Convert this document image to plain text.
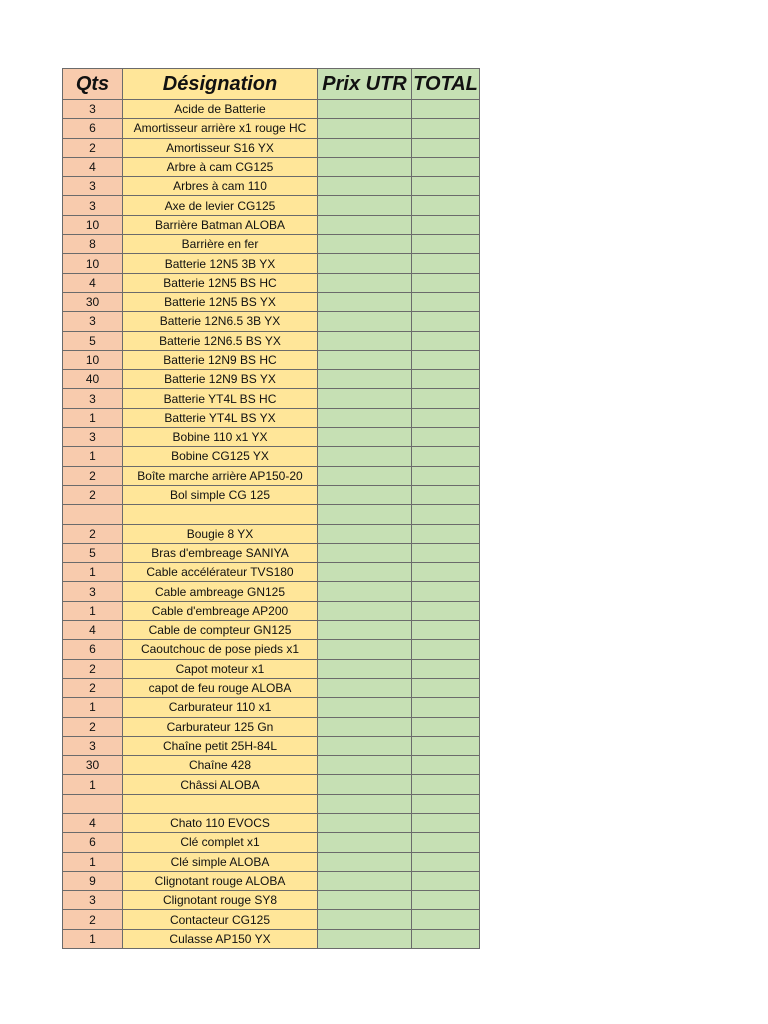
Qts	Désignation	Prix UTR	TOTAL
3	Acide de Batterie		
6	Amortisseur arrière x1 rouge HC		
2	Amortisseur S16 YX		
4	Arbre à cam CG125		
3	Arbres à cam 110		
3	Axe de levier CG125		
10	Barrière Batman ALOBA		
8	Barrière en fer		
10	Batterie 12N5 3B YX		
4	Batterie 12N5 BS HC		
30	Batterie 12N5 BS YX		
3	Batterie 12N6.5 3B YX		
5	Batterie 12N6.5 BS YX		
10	Batterie 12N9 BS HC		
40	Batterie 12N9 BS YX		
3	Batterie YT4L BS HC		
1	Batterie YT4L BS YX		
3	Bobine 110 x1 YX		
1	Bobine CG125 YX		
2	Boîte marche arrière AP150-20		
2	Bol simple CG 125		

2	Bougie 8 YX		
5	Bras d'embreage SANIYA		
1	Cable accélérateur TVS180		
3	Cable ambreage GN125		
1	Cable d'embreage AP200		
4	Cable de compteur GN125		
6	Caoutchouc de pose pieds x1		
2	Capot moteur x1		
2	capot de feu rouge ALOBA		
1	Carburateur 110 x1		
2	Carburateur 125 Gn		
3	Chaîne petit 25H-84L		
30	Chaîne 428		
1	Châssi ALOBA		

4	Chato 110 EVOCS		
6	Clé complet x1		
1	Clé simple ALOBA		
9	Clignotant rouge ALOBA		
3	Clignotant rouge SY8		
2	Contacteur CG125		
1	Culasse AP150 YX		
